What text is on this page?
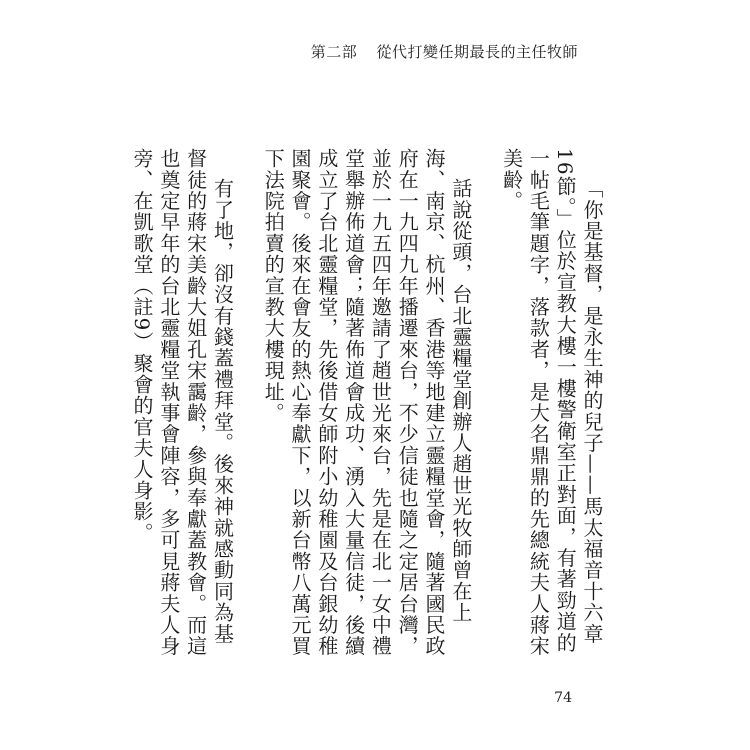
第二部 從代打變任期最長的主任牧師

「你是基督，是永生神的兒子——馬太福音十六章16節。」位於宣教大樓一樓警衛室正對面，有著勁道的一帖毛筆題字，落款者，是大名鼎鼎的先總統夫人蔣宋美齡。

話說從頭，台北靈糧堂創辦人趙世光牧師曾在上海、南京、杭州、香港等地建立靈糧堂會，隨著國民政府在一九四九年播遷來台，不少信徒也隨之定居台灣，並於一九五四年邀請了趙世光來台，先是在北一女中禮堂舉辦佈道會；隨著佈道會成功、湧入大量信徒，後續成立了台北靈糧堂，先後借女師附小幼稚園及台銀幼稚園聚會。後來在會友的熱心奉獻下，以新台幣八萬元買下法院拍賣的宣教大樓現址。

有了地，卻沒有錢蓋禮拜堂。後來神就感動同為基督徒的蔣宋美齡大姐孔宋靄齡，參與奉獻蓋教會。而這也奠定早年的台北靈糧堂執事會陣容，多可見蔣夫人身旁、在凱歌堂（註9）聚會的官夫人身影。

74
